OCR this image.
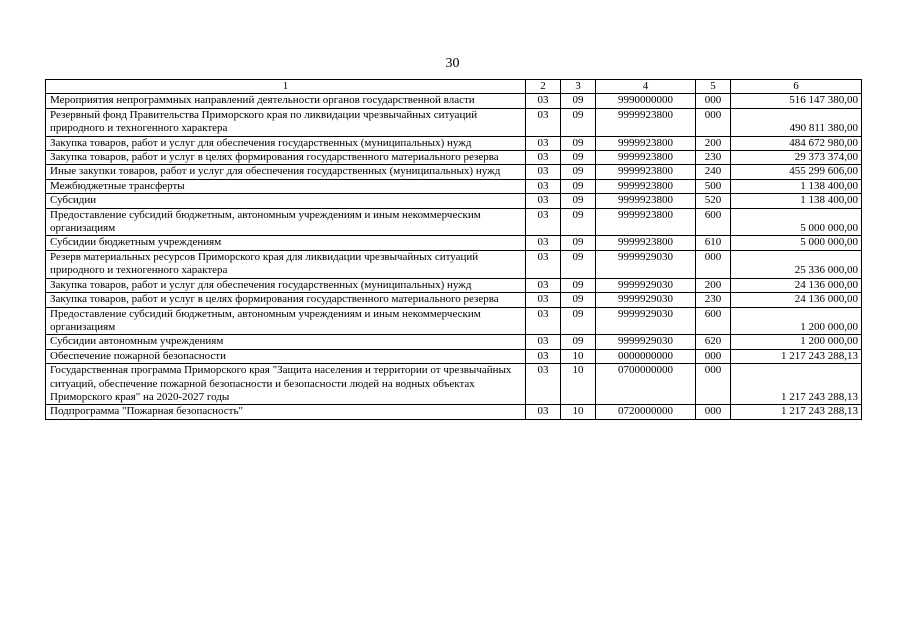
30
1	2	3	4	5	6
Мероприятия непрограммных направлений деятельности органов государственной власти	03	09	9990000000	000	516 147 380,00
Резервный фонд Правительства Приморского края по ликвидации чрезвычайных ситуаций природного и техногенного характера	03	09	9999923800	000	490 811 380,00
Закупка товаров, работ и услуг для обеспечения государственных (муниципальных) нужд	03	09	9999923800	200	484 672 980,00
Закупка товаров, работ и услуг в целях формирования государственного материального резерва	03	09	9999923800	230	29 373 374,00
Иные закупки товаров, работ и услуг для обеспечения государственных (муниципальных) нужд	03	09	9999923800	240	455 299 606,00
Межбюджетные трансферты	03	09	9999923800	500	1 138 400,00
Субсидии	03	09	9999923800	520	1 138 400,00
Предоставление субсидий бюджетным, автономным учреждениям и иным некоммерческим организациям	03	09	9999923800	600	5 000 000,00
Субсидии бюджетным учреждениям	03	09	9999923800	610	5 000 000,00
Резерв материальных ресурсов Приморского края для ликвидации чрезвычайных ситуаций природного и техногенного характера	03	09	9999929030	000	25 336 000,00
Закупка товаров, работ и услуг для обеспечения государственных (муниципальных) нужд	03	09	9999929030	200	24 136 000,00
Закупка товаров, работ и услуг в целях формирования государственного материального резерва	03	09	9999929030	230	24 136 000,00
Предоставление субсидий бюджетным, автономным учреждениям и иным некоммерческим организациям	03	09	9999929030	600	1 200 000,00
Субсидии автономным учреждениям	03	09	9999929030	620	1 200 000,00
Обеспечение пожарной безопасности	03	10	0000000000	000	1 217 243 288,13
Государственная программа Приморского края "Защита населения и территории от чрезвычайных ситуаций, обеспечение пожарной безопасности и безопасности людей на водных объектах Приморского края" на 2020-2027 годы	03	10	0700000000	000	1 217 243 288,13
Подпрограмма "Пожарная безопасность"	03	10	0720000000	000	1 217 243 288,13
